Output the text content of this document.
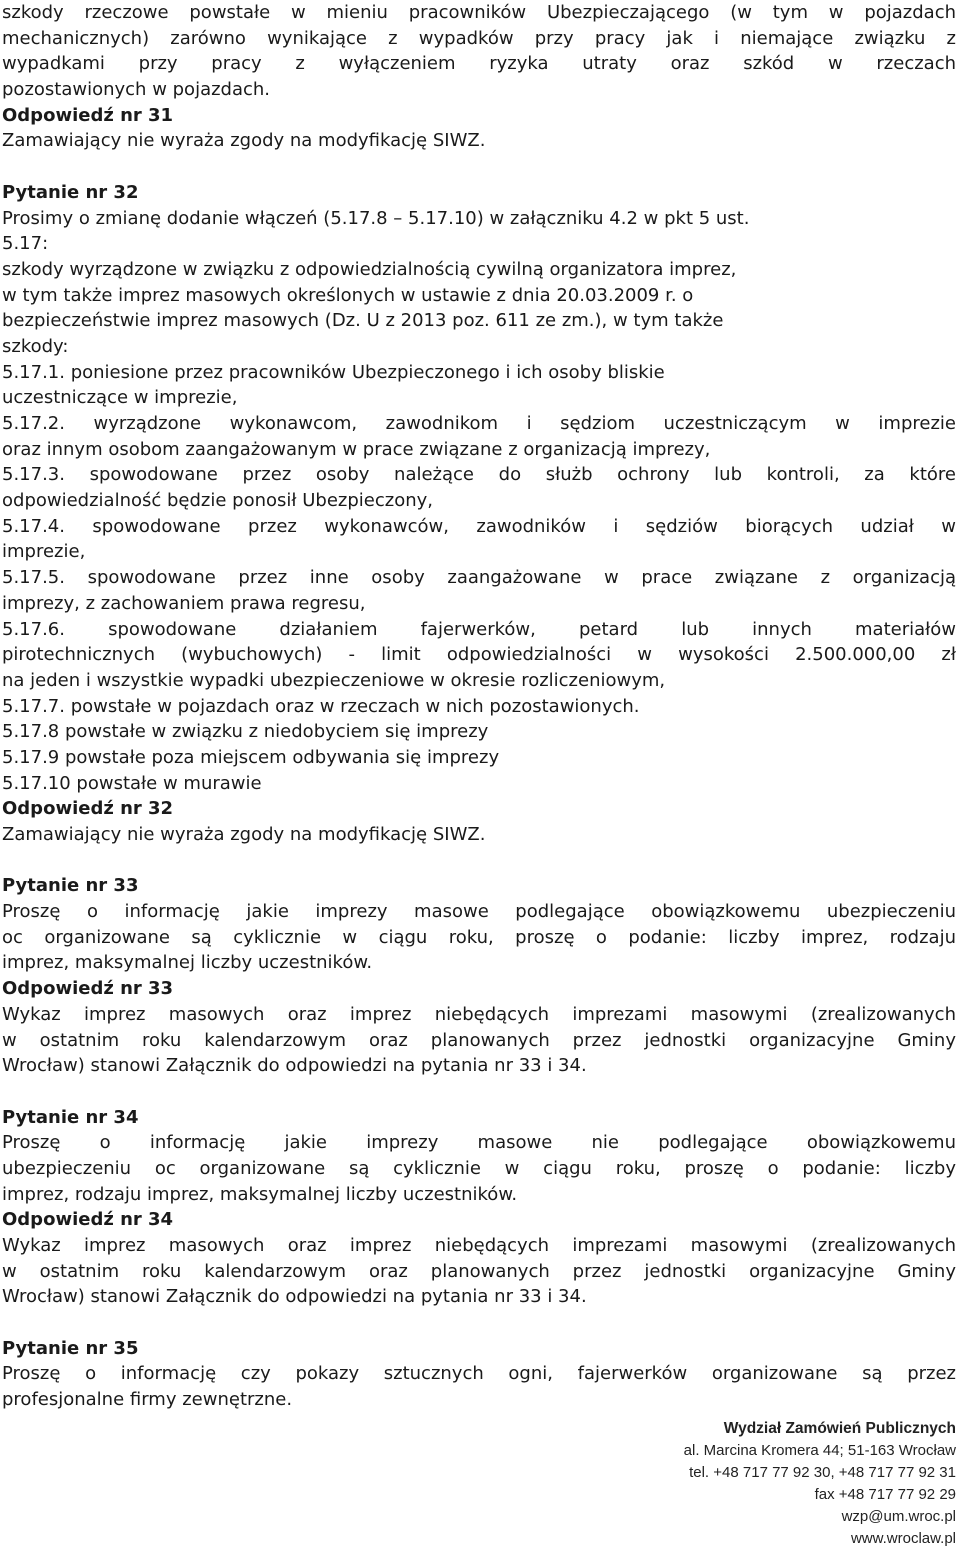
szkody rzeczowe powstałe w mieniu pracowników Ubezpieczającego (w tym w pojazdach
mechanicznych) zarówno wynikające z wypadków przy pracy jak i niemające związku z
wypadkami przy pracy z wyłączeniem ryzyka utraty oraz szkód w rzeczach
pozostawionych w pojazdach.
Odpowiedź nr 31
Zamawiający nie wyraża zgody na modyfikację SIWZ.
Pytanie nr 32
Prosimy o zmianę dodanie włączeń (5.17.8 – 5.17.10) w załączniku 4.2 w pkt 5 ust.
5.17:
szkody wyrządzone w związku z odpowiedzialnością cywilną organizatora imprez,
w tym także imprez masowych określonych w ustawie z dnia 20.03.2009 r. o
bezpieczeństwie imprez masowych (Dz. U z 2013 poz. 611 ze zm.), w tym także
szkody:
5.17.1. poniesione przez pracowników Ubezpieczonego i ich osoby bliskie
uczestniczące w imprezie,
5.17.2. wyrządzone wykonawcom, zawodnikom i sędziom uczestniczącym w imprezie
oraz innym osobom zaangażowanym w prace związane z organizacją imprezy,
5.17.3. spowodowane przez osoby należące do służb ochrony lub kontroli, za które
odpowiedzialność będzie ponosił Ubezpieczony,
5.17.4. spowodowane przez wykonawców, zawodników i sędziów biorących udział w
imprezie,
5.17.5. spowodowane przez inne osoby zaangażowane w prace związane z organizacją
imprezy, z zachowaniem prawa regresu,
5.17.6. spowodowane działaniem fajerwerków, petard lub innych materiałów
pirotechnicznych (wybuchowych) - limit odpowiedzialności w wysokości 2.500.000,00 zł
na jeden i wszystkie wypadki ubezpieczeniowe w okresie rozliczeniowym,
5.17.7. powstałe w pojazdach oraz w rzeczach w nich pozostawionych.
5.17.8 powstałe w związku z niedobyciem się imprezy
5.17.9 powstałe poza miejscem odbywania się imprezy
5.17.10 powstałe w murawie
Odpowiedź nr 32
Zamawiający nie wyraża zgody na modyfikację SIWZ.
Pytanie nr 33
Proszę o informację jakie imprezy masowe podlegające obowiązkowemu ubezpieczeniu
oc organizowane są cyklicznie w ciągu roku, proszę o podanie: liczby imprez, rodzaju
imprez, maksymalnej liczby uczestników.
Odpowiedź nr 33
Wykaz imprez masowych oraz imprez niebędących imprezami masowymi (zrealizowanych
w ostatnim roku kalendarzowym oraz planowanych przez jednostki organizacyjne Gminy
Wrocław) stanowi Załącznik do odpowiedzi na pytania nr 33 i 34.
Pytanie nr 34
Proszę o informację jakie imprezy masowe nie podlegające obowiązkowemu
ubezpieczeniu oc organizowane są cyklicznie w ciągu roku, proszę o podanie: liczby
imprez, rodzaju imprez, maksymalnej liczby uczestników.
Odpowiedź nr 34
Wykaz imprez masowych oraz imprez niebędących imprezami masowymi (zrealizowanych
w ostatnim roku kalendarzowym oraz planowanych przez jednostki organizacyjne Gminy
Wrocław) stanowi Załącznik do odpowiedzi na pytania nr 33 i 34.
Pytanie nr 35
Proszę o informację czy pokazy sztucznych ogni, fajerwerków organizowane są przez
profesjonalne firmy zewnętrzne.
Wydział Zamówień Publicznych
al. Marcina Kromera 44; 51-163 Wrocław
tel. +48 717 77 92 30, +48 717 77 92 31
fax +48 717 77 92 29
wzp@um.wroc.pl
www.wroclaw.pl
